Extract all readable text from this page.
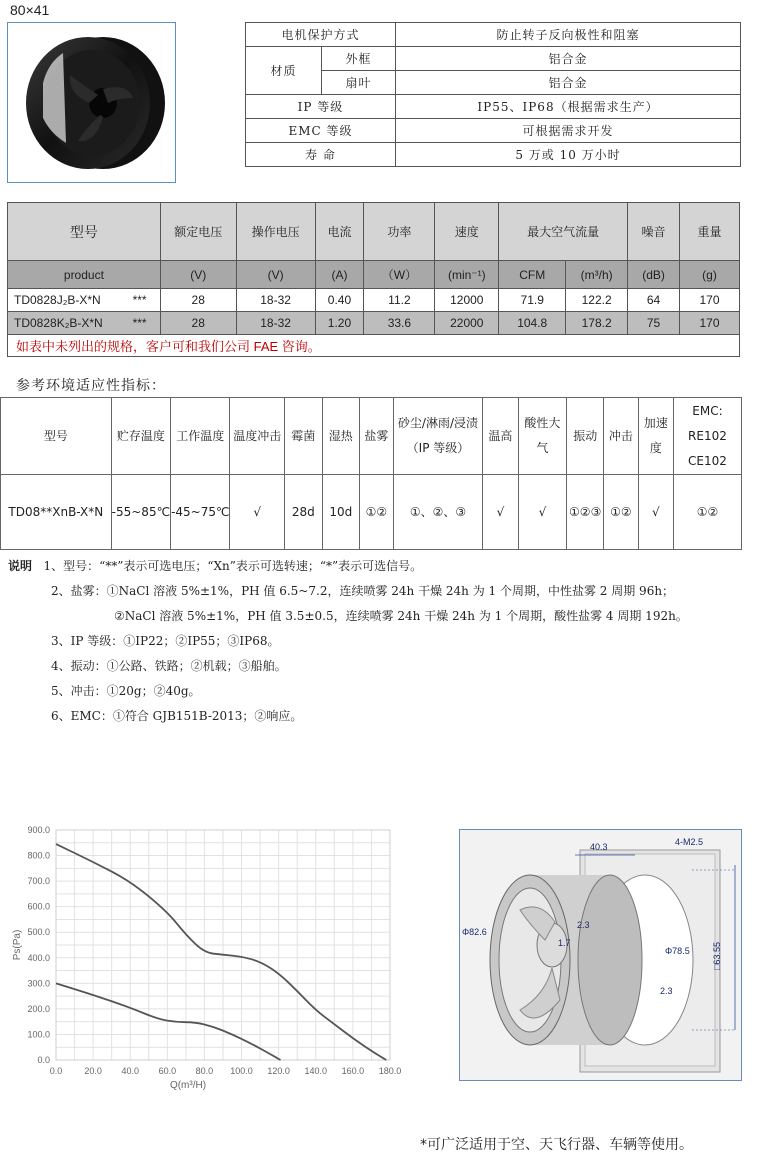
80×41
电机保护方式		防止转子反向极性和阻塞
材质	外框	铝合金
	扇叶	铝合金
IP 等级		IP55、IP68（根据需求生产）
EMC 等级		可根据需求开发
寿 命		5 万或 10 万小时
型号		额定电压	操作电压	电流	功率	速度	最大空气流量		噪音	重量
product		(V)	(V)	(A)	（W）	(min⁻¹)	CFM	(m³/h)	(dB)	(g)
TD0828J₂B-X*N	***	28	18-32	0.40	11.2	12000	71.9	122.2	64	170
TD0828K₂B-X*N	***	28	18-32	1.20	33.6	22000	104.8	178.2	75	170
如表中未列出的规格，客户可和我们公司 FAE 咨询。										
参考环境适应性指标：
型号	贮存温度	工作温度	温度冲击	霉菌	湿热	盐雾	砂尘/淋雨/浸渍（IP 等级）	温高	酸性大气	振动	冲击	加速度	EMC: RE102 CE102
TD08**XnB-X*N	-55~85℃	-45~75℃	√	28d	10d	①②	①、②、③	√	√	①②③	①②	√	①②
说明 1、型号：“**”表示可选电压；“Xn”表示可选转速；“*”表示可选信号。
2、盐雾：①NaCl 溶液 5%±1%，PH 值 6.5~7.2，连续喷雾 24h 干燥 24h 为 1 个周期，中性盐雾 2 周期 96h；
②NaCl 溶液 5%±1%，PH 值 3.5±0.5，连续喷雾 24h 干燥 24h 为 1 个周期，酸性盐雾 4 周期 192h。
3、IP 等级：①IP22；②IP55；③IP68。
4、振动：①公路、铁路；②机载；③船舶。
5、冲击：①20g；②40g。
6、EMC：①符合 GJB151B-2013；②响应。
0.0 20.0 40.0 60.0 80.0 100.0 120.0 140.0 160.0 180.0
0.0
100.0
200.0
300.0
400.0
500.0
600.0
700.0
800.0
900.0
Q(m³/H)
Ps(Pa)
40.3	4-M2.5
Φ82.6
2.3
1.7
Φ78.5 □63.55
2.3
*可广泛适用于空、天飞行器、车辆等使用。
